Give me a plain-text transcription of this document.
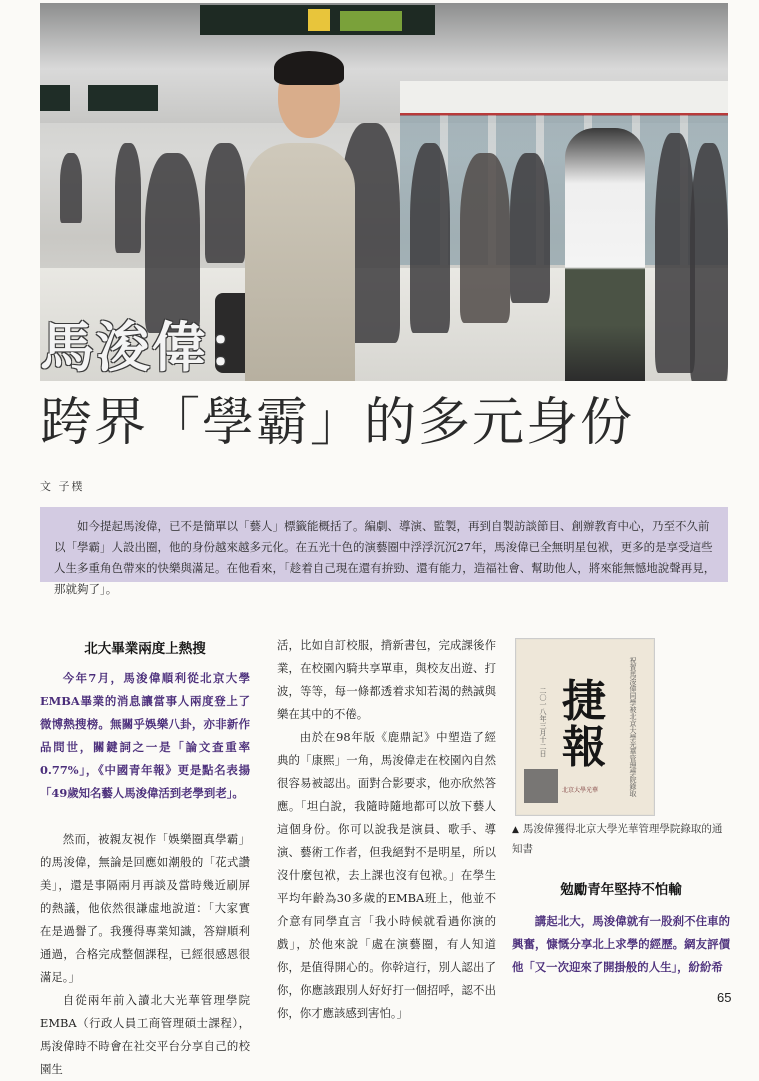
馬浚偉：
跨界「學霸」的多元身份
文 子樸
如今提起馬浚偉，已不是簡單以「藝人」標籤能概括了。編劇、導演、監製，再到自製訪談節目、創辦教育中心，乃至不久前以「學霸」人設出圈，他的身份越來越多元化。在五光十色的演藝圈中浮浮沉沉27年，馬浚偉已全無明星包袱，更多的是享受這些人生多重角色帶來的快樂與滿足。在他看來，「趁着自己現在還有拚勁、還有能力，造福社會、幫助他人，將來能無憾地說聲再見，那就夠了」。
北大畢業兩度上熱搜

今年7月，馬浚偉順利從北京大學EMBA畢業的消息讓當事人兩度登上了微博熱搜榜。無關乎娛樂八卦，亦非新作品問世，關鍵詞之一是「論文查重率0.77%」，《中國青年報》更是點名表揚「49歲知名藝人馬浚偉活到老學到老」。

然而，被親友視作「娛樂圈真學霸」的馬浚偉，無論是回應如潮般的「花式讚美」，還是事隔兩月再談及當時幾近刷屏的熱議，他依然很謙虛地說道：「大家實在是過譽了。我獲得專業知識，答辯順利通過，合格完成整個課程，已經很感恩很滿足。」

自從兩年前入讀北大光華管理學院EMBA（行政人員工商管理碩士課程），馬浚偉時不時會在社交平台分享自己的校園生

活，比如自訂校服，揹新書包，完成課後作業，在校園內騎共享單車，與校友出遊、打波，等等，每一條都透着求知若渴的熱誠與樂在其中的不倦。

由於在98年版《鹿鼎記》中塑造了經典的「康熙」一角，馬浚偉走在校園內自然很容易被認出。面對合影要求，他亦欣然答應。「坦白說，我隨時隨地都可以放下藝人這個身份。你可以說我是演員、歌手、導演、藝術工作者，但我絕對不是明星，所以沒什麼包袱，去上課也沒有包袱。」在學生平均年齡為30多歲的EMBA班上，他並不介意有同學直言「我小時候就看過你演的戲」，於他來說「處在演藝圈，有人知道你，是值得開心的。你幹這行，別人認出了你，你應該跟別人好好打一個招呼，認不出你，你才應該感到害怕。」

祝賀馬浚偉同學被北京大學光華管理學院錄取
二〇一八年三月十二日 捷報
北京大學光華
▲ 馬浚偉獲得北京大學光華管理學院錄取的通知書
勉勵青年堅持不怕輸

講起北大，馬浚偉就有一股刹不住車的興奮，慷慨分享北上求學的經歷。網友評價他「又一次迎來了開掛般的人生」，紛紛希

65
